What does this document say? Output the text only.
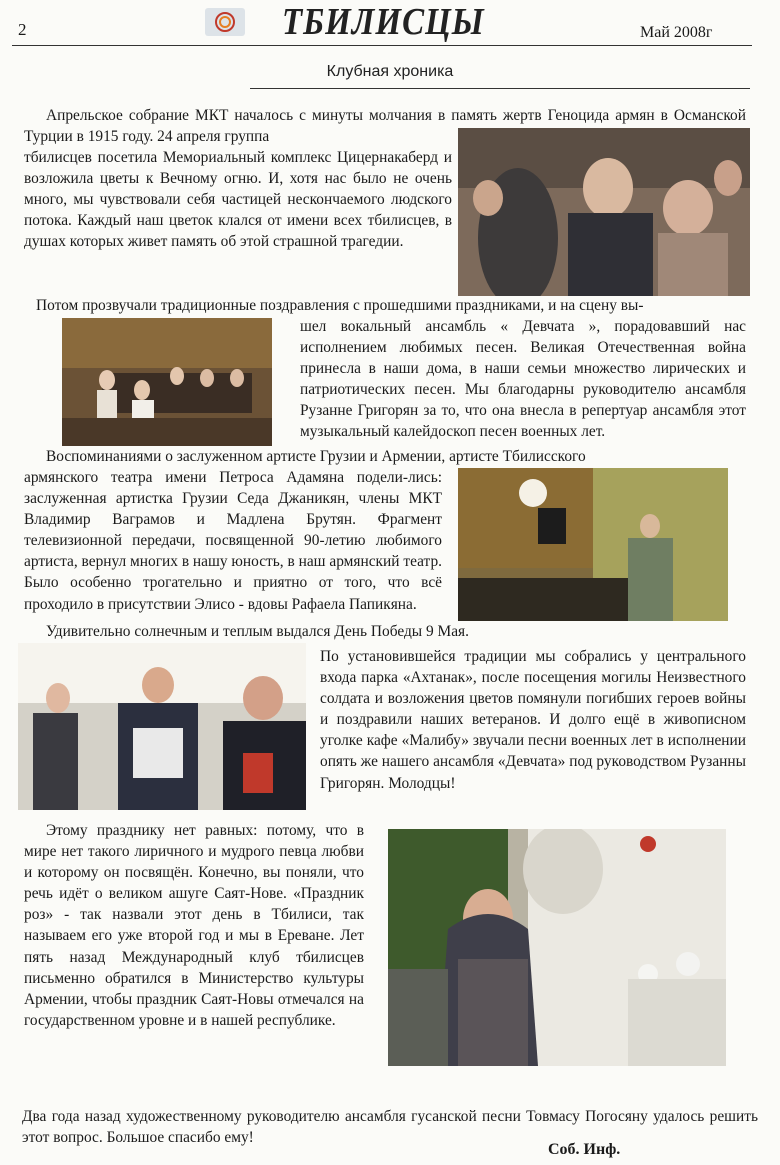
2	ТБИЛИСЦЫ	Май 2008г
Клубная хроника
Апрельское собрание МКТ началось с минуты молчания в память жертв Геноцида армян в Османской Турции в 1915 году. 24 апреля группа
тбилисцев посетила Мемориальный комплекс Цицернакаберд и возложила цветы к Вечному огню. И, хотя нас было не очень много, мы чувствовали себя частицей нескончаемого людского потока. Каждый наш цветок клался от имени всех тбилисцев, в душах которых живет память об этой страшной трагедии.
Потом прозвучали традиционные поздравления с прошедшими праздниками, и на сцену вы-
шел вокальный ансамбль « Девчата », порадовавший нас исполнением любимых песен. Великая Отечественная война принесла в наши дома, в наши семьи множество лирических и патриотических песен. Мы благодарны руководителю ансамбля Рузанне Григорян за то, что она внесла в репертуар ансамбля этот музыкальный калейдоскоп песен военных лет.
Воспоминаниями о заслуженном артисте Грузии и Армении, артисте Тбилисского
армянского театра имени Петроса Адамяна подели-лись: заслуженная артистка Грузии Седа Джаникян, члены МКТ Владимир Ваграмов и Мадлена Брутян. Фрагмент телевизионной передачи, посвященной 90-летию любимого артиста, вернул многих в нашу юность, в наш армянский театр. Было особенно трогательно и приятно от того, что всё проходило в присутствии Элисо - вдовы Рафаела Папикяна.
Удивительно солнечным и теплым выдался День Победы 9 Мая.
По установившейся традиции мы собрались у центрального входа парка «Ахтанак», после посещения могилы Неизвестного солдата и возложения цветов помянули погибших героев войны и поздравили наших ветеранов. И долго ещё в живописном уголке кафе «Малибу» звучали песни военных лет в исполнении опять же нашего ансамбля «Девчата» под руководством Рузанны Григорян. Молодцы!
Этому празднику нет равных: потому, что в мире нет такого лиричного и мудрого певца любви и которому он посвящён. Конечно, вы поняли, что речь идёт о великом ашуге Саят-Нове. «Праздник роз» - так назвали этот день в Тбилиси, так называем его уже второй год и мы в Ереване. Лет пять назад Международный клуб тбилисцев письменно обратился в Министерство культуры Армении, чтобы праздник Саят-Новы отмечался на государственном уровне и в нашей республике.
Два года назад художественному руководителю ансамбля гусанской песни Товмасу Погосяну удалось решить этот вопрос. Большое спасибо ему!
Соб. Инф.
